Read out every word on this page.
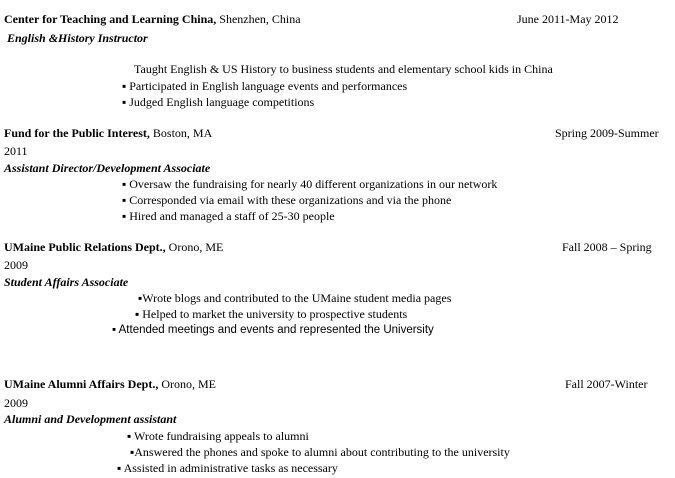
Center for Teaching and Learning China, Shenzhen, China	June 2011-May 2012
English &History Instructor
Taught English & US History to business students and elementary school kids in China
▪ Participated in English language events and performances
▪ Judged English language competitions
Fund for the Public Interest, Boston, MA	Spring 2009-Summer
2011
Assistant Director/Development Associate
▪ Oversaw the fundraising for nearly 40 different organizations in our network
▪ Corresponded via email with these organizations and via the phone
▪ Hired and managed a staff of 25-30 people
UMaine Public Relations Dept., Orono, ME	Fall 2008 – Spring
2009
Student Affairs Associate
▪Wrote blogs and contributed to the UMaine student media pages
▪ Helped to market the university to prospective students
▪ Attended meetings and events and represented the University
UMaine Alumni Affairs Dept., Orono, ME	Fall 2007-Winter
2009
Alumni and Development assistant
▪ Wrote fundraising appeals to alumni
▪Answered the phones and spoke to alumni about contributing to the university
▪ Assisted in administrative tasks as necessary
